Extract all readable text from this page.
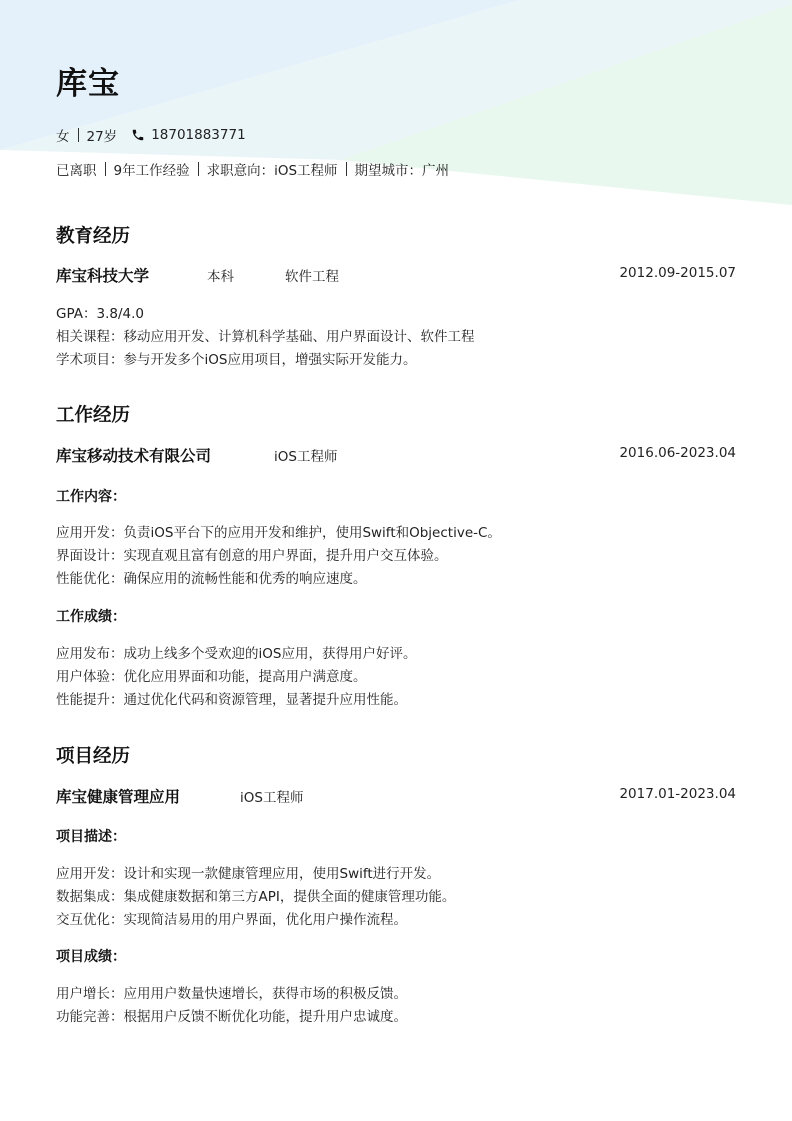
库宝
女 27岁	18701883771
已离职 9年工作经验 求职意向：iOS工程师 期望城市：广州
教育经历
库宝科技大学	本科	软件工程	2012.09-2015.07
GPA：3.8/4.0
相关课程：移动应用开发、计算机科学基础、用户界面设计、软件工程
学术项目：参与开发多个iOS应用项目，增强实际开发能力。
工作经历
库宝移动技术有限公司	iOS工程师	2016.06-2023.04
工作内容：
应用开发：负责iOS平台下的应用开发和维护，使用Swift和Objective-C。
界面设计：实现直观且富有创意的用户界面，提升用户交互体验。
性能优化：确保应用的流畅性能和优秀的响应速度。
工作成绩：
应用发布：成功上线多个受欢迎的iOS应用，获得用户好评。
用户体验：优化应用界面和功能，提高用户满意度。
性能提升：通过优化代码和资源管理，显著提升应用性能。
项目经历
库宝健康管理应用	iOS工程师	2017.01-2023.04
项目描述：
应用开发：设计和实现一款健康管理应用，使用Swift进行开发。
数据集成：集成健康数据和第三方API，提供全面的健康管理功能。
交互优化：实现简洁易用的用户界面，优化用户操作流程。
项目成绩：
用户增长：应用用户数量快速增长，获得市场的积极反馈。
功能完善：根据用户反馈不断优化功能，提升用户忠诚度。
